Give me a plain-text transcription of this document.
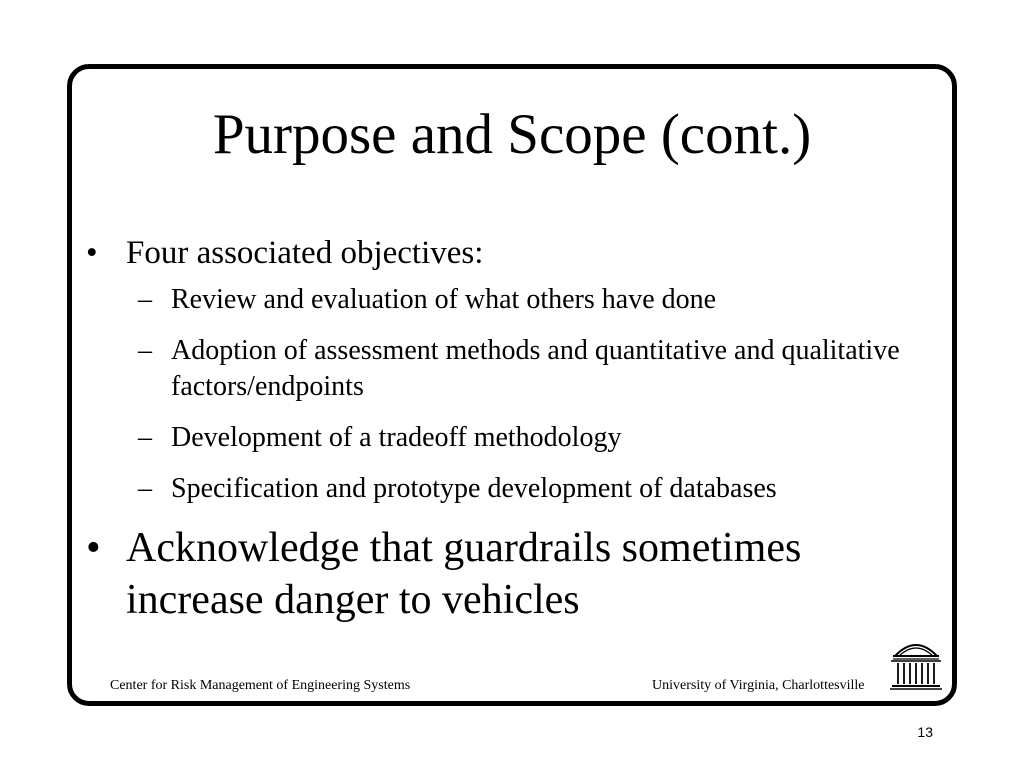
Purpose and Scope (cont.)
• Four associated objectives:
– Review and evaluation of what others have done
– Adoption of assessment methods and quantitative and qualitative factors/endpoints
– Development of a tradeoff methodology
– Specification and prototype development of databases
• Acknowledge that guardrails sometimes increase danger to vehicles
Center for Risk Management of Engineering Systems	University of Virginia, Charlottesville
13
